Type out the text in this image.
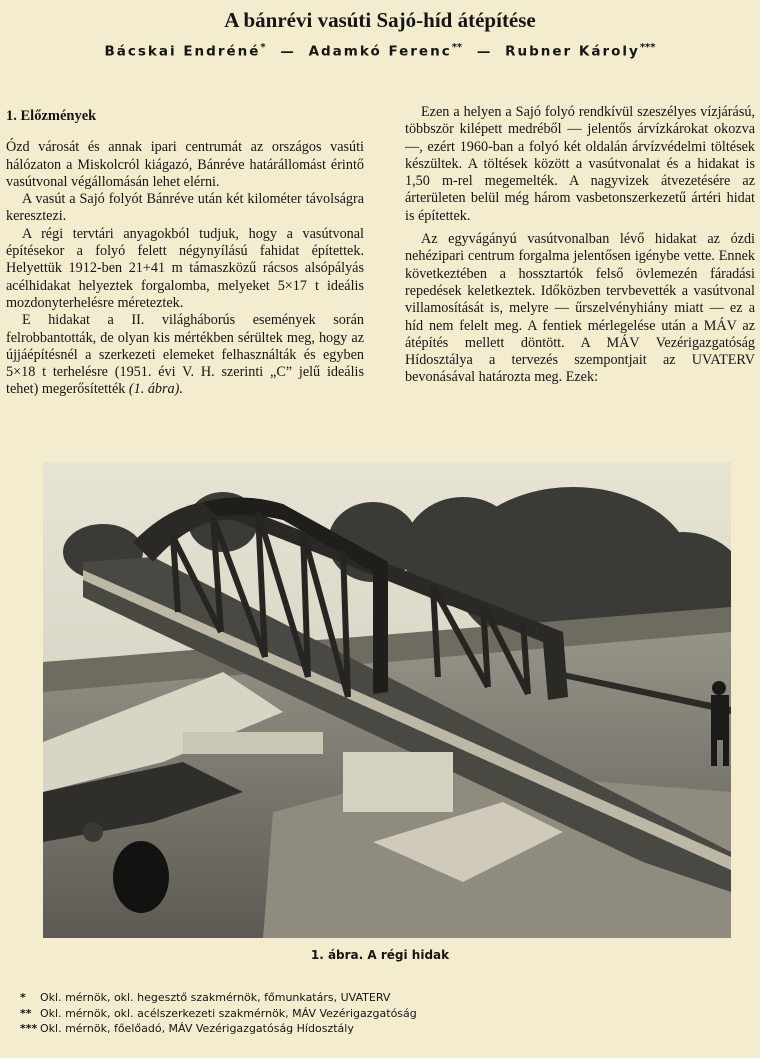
A bánrévi vasúti Sajó-híd átépítése
Bácskai Endréné* — Adamkó Ferenc** — Rubner Károly***
1. Előzmények

Ózd városát és annak ipari centrumát az országos vasúti hálózaton a Miskolcról kiágazó, Bánréve határállomást érintő vasútvonal végállomásán lehet elérni.

A vasút a Sajó folyót Bánréve után két kilométer távolságra keresztezi.

A régi tervtári anyagokból tudjuk, hogy a vasútvonal építésekor a folyó felett négynyílású fahidat építettek. Helyettük 1912-ben 21+41 m támaszközű rácsos alsópályás acélhidakat helyeztek forgalomba, melyeket 5×17 t ideális mozdonyterhelésre méreteztek.

E hidakat a II. világháborús események során felrobbantották, de olyan kis mértékben sérültek meg, hogy az újjáépítésnél a szerkezeti elemeket felhasználták és egyben 5×18 t terhelésre (1951. évi V. H. szerinti „C” jelű ideális tehet) megerősítették (1. ábra).

Ezen a helyen a Sajó folyó rendkívül szeszélyes vízjárású, többször kilépett medréből — jelentős árvízkárokat okozva —, ezért 1960-ban a folyó két oldalán árvízvédelmi töltések készültek. A töltések között a vasútvonalat és a hidakat is 1,50 m-rel megemelték. A nagyvizek átvezetésére az árterületen belül még három vasbetonszerkezetű ártéri hidat is építettek.

Az egyvágányú vasútvonalban lévő hidakat az ózdi nehézipari centrum forgalma jelentősen igénybe vette. Ennek következtében a hossztartók felső övlemezén fáradási repedések keletkeztek. Időközben tervbevették a vasútvonal villamosítását is, melyre — űrszelvényhiány miatt — ez a híd nem felelt meg. A fentiek mérlegelése után a MÁV az átépítés mellett döntött. A MÁV Vezérigazgatóság Hídosztálya a tervezés szempontjait az UVATERV bevonásával határozta meg. Ezek:

1. ábra. A régi hidak
* Okl. mérnök, okl. hegesztő szakmérnök, főmunkatárs, UVATERV
** Okl. mérnök, okl. acélszerkezeti szakmérnök, MÁV Vezérigazgatóság
*** Okl. mérnök, főelőadó, MÁV Vezérigazgatóság Hídosztály
